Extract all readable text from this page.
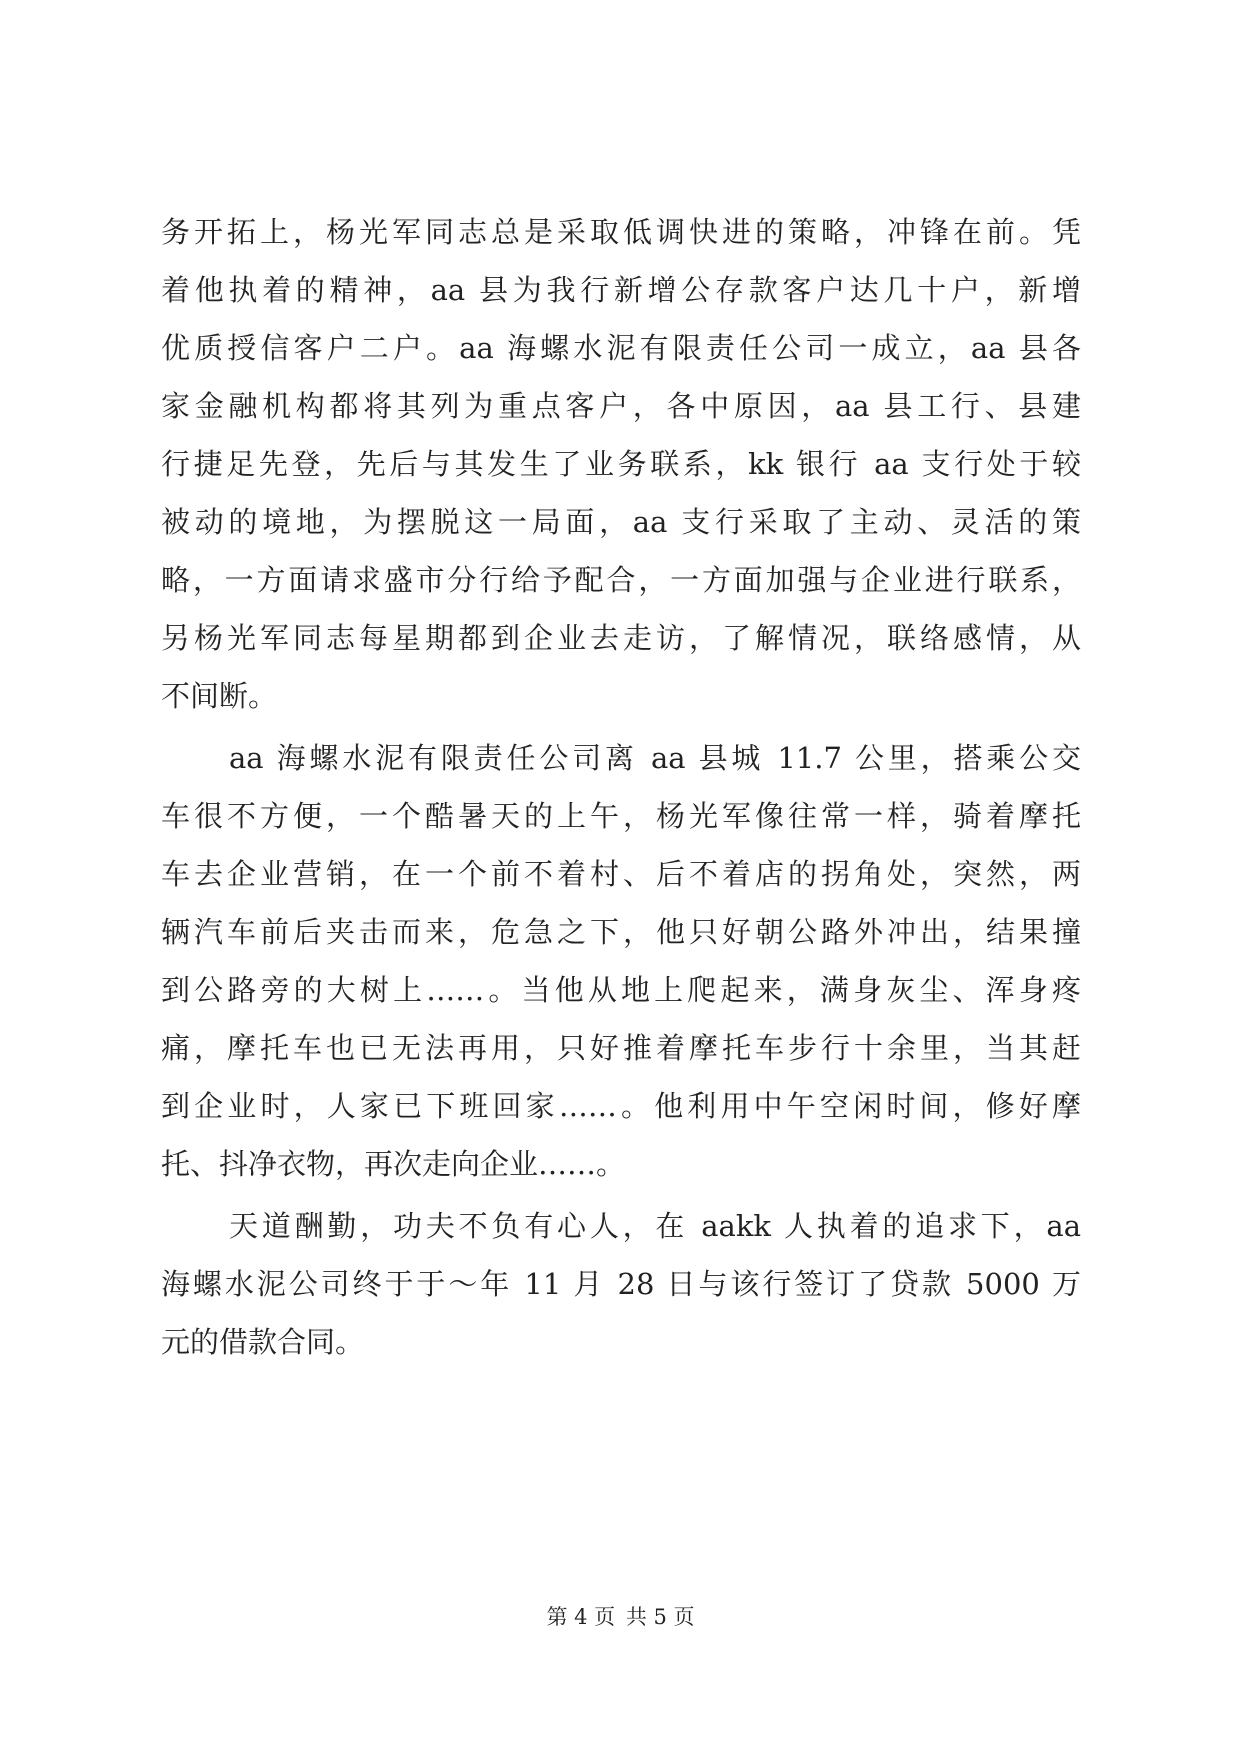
务开拓上，杨光军同志总是采取低调快进的策略，冲锋在前。凭
着他执着的精神，aa 县为我行新增公存款客户达几十户，新增
优质授信客户二户。aa 海螺水泥有限责任公司一成立，aa 县各
家金融机构都将其列为重点客户，各中原因，aa 县工行、县建
行捷足先登，先后与其发生了业务联系，kk 银行 aa 支行处于较
被动的境地，为摆脱这一局面，aa 支行采取了主动、灵活的策
略，一方面请求盛市分行给予配合，一方面加强与企业进行联系，
另杨光军同志每星期都到企业去走访，了解情况，联络感情，从
不间断。
aa 海螺水泥有限责任公司离 aa 县城 11.7 公里，搭乘公交
车很不方便，一个酷暑天的上午，杨光军像往常一样，骑着摩托
车去企业营销，在一个前不着村、后不着店的拐角处，突然，两
辆汽车前后夹击而来，危急之下，他只好朝公路外冲出，结果撞
到公路旁的大树上……。当他从地上爬起来，满身灰尘、浑身疼
痛，摩托车也已无法再用，只好推着摩托车步行十余里，当其赶
到企业时，人家已下班回家……。他利用中午空闲时间，修好摩
托、抖净衣物，再次走向企业……。
天道酬勤，功夫不负有心人，在 aakk 人执着的追求下，aa
海螺水泥公司终于于～年 11 月 28 日与该行签订了贷款 5000 万
元的借款合同。
第 4 页 共 5 页
